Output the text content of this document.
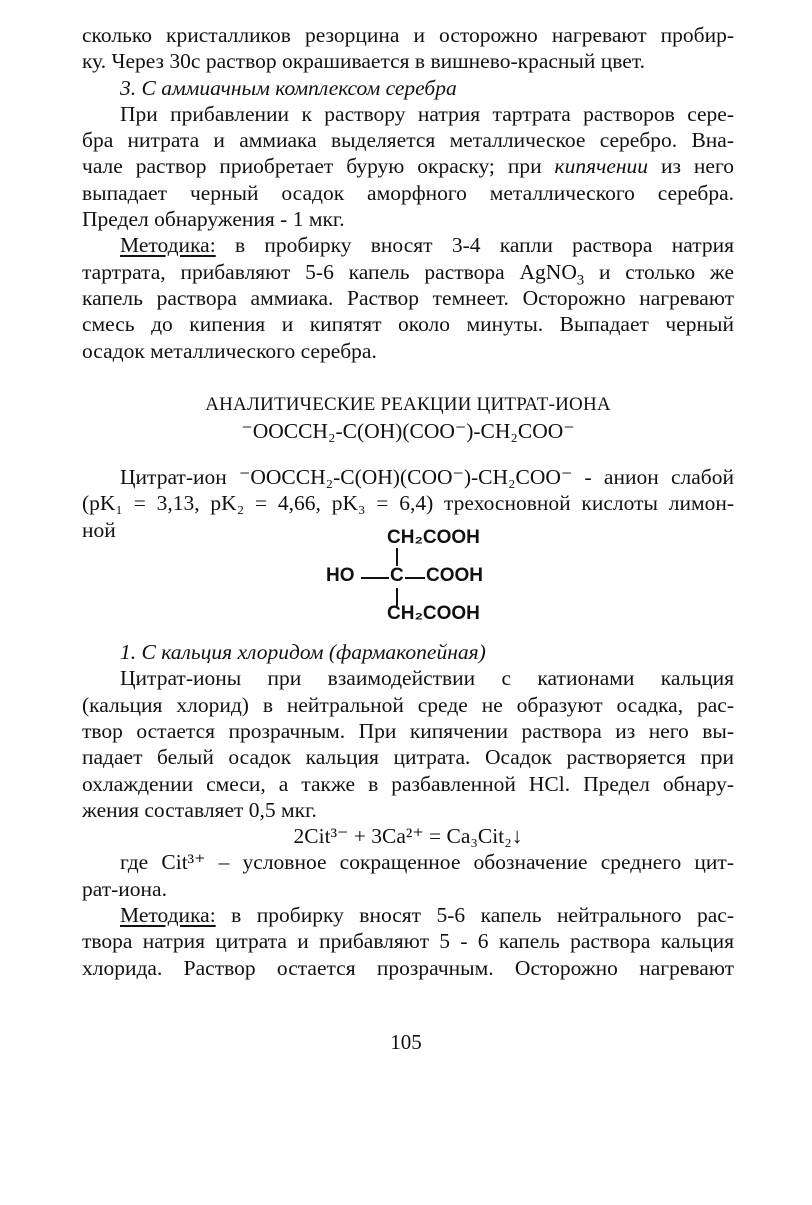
сколько кристалликов резорцина и осторожно нагревают пробир-
ку. Через 30с раствор окрашивается в вишнево-красный цвет.
3. С аммиачным комплексом серебра
При прибавлении к раствору натрия тартрата растворов сере-
бра нитрата и аммиака выделяется металлическое серебро. Вна-
чале раствор приобретает бурую окраску; при кипячении из него
выпадает черный осадок аморфного металлического серебра.
Предел обнаружения - 1 мкг.
Методика: в пробирку вносят 3-4 капли раствора натрия
тартрата, прибавляют 5-6 капель раствора AgNO$_3$ и столько же
капель раствора аммиака. Раствор темнеет. Осторожно нагревают
смесь до кипения и кипятят около минуты. Выпадает черный
осадок металлического серебра.
АНАЛИТИЧЕСКИЕ РЕАКЦИИ ЦИТРАТ-ИОНА
⁻OOCCH₂-C(OH)(COO⁻)-CH₂COO⁻
Цитрат-ион ⁻OOCCH₂-C(OH)(COO⁻)-CH₂COO⁻ - анион слабой
(pK₁ = 3,13, pK₂ = 4,66, pK₃ = 6,4) трехосновной кислоты лимон-
ной	CH₂COOH
HO C COOH
CH₂COOH
1. С кальция хлоридом (фармакопейная)
Цитрат-ионы при взаимодействии с катионами кальция
(кальция хлорид) в нейтральной среде не образуют осадка, рас-
твор остается прозрачным. При кипячении раствора из него вы-
падает белый осадок кальция цитрата. Осадок растворяется при
охлаждении смеси, а также в разбавленной HCl. Предел обнару-
жения составляет 0,5 мкг.
2Cit³⁻ + 3Ca²⁺ = Ca₃Cit₂↓
где Cit³⁺ – условное сокращенное обозначение среднего цит-
рат-иона.
Методика: в пробирку вносят 5-6 капель нейтрального рас-
твора натрия цитрата и прибавляют 5 - 6 капель раствора кальция
хлорида. Раствор остается прозрачным. Осторожно нагревают
105
